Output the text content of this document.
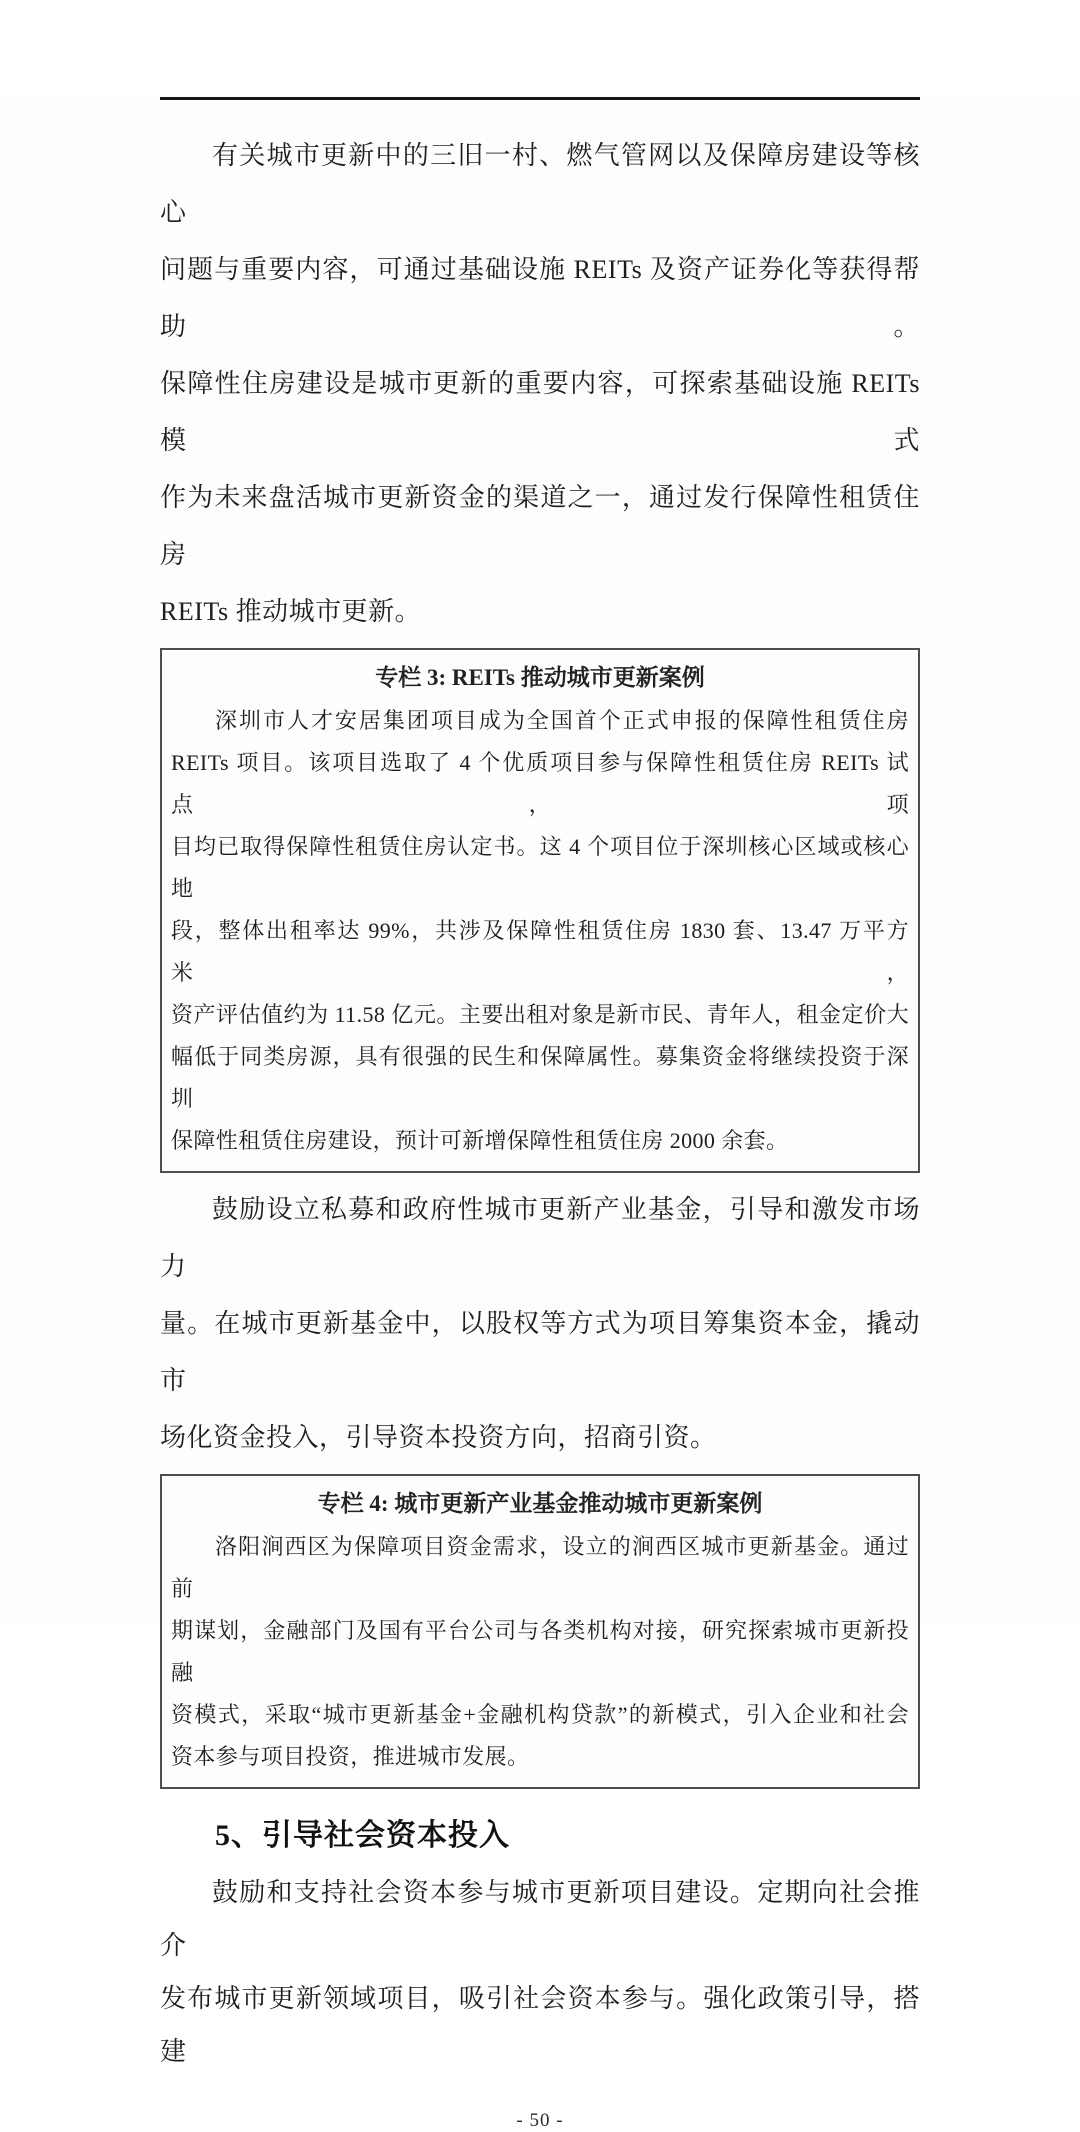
有关城市更新中的三旧一村、燃气管网以及保障房建设等核心
问题与重要内容，可通过基础设施 REITs 及资产证券化等获得帮助。
保障性住房建设是城市更新的重要内容，可探索基础设施 REITs 模式
作为未来盘活城市更新资金的渠道之一，通过发行保障性租赁住房
REITs 推动城市更新。
专栏 3: REITs 推动城市更新案例
深圳市人才安居集团项目成为全国首个正式申报的保障性租赁住房
REITs 项目。该项目选取了 4 个优质项目参与保障性租赁住房 REITs 试点，项
目均已取得保障性租赁住房认定书。这 4 个项目位于深圳核心区域或核心地
段，整体出租率达 99%，共涉及保障性租赁住房 1830 套、13.47 万平方米，
资产评估值约为 11.58 亿元。主要出租对象是新市民、青年人，租金定价大
幅低于同类房源，具有很强的民生和保障属性。募集资金将继续投资于深圳
保障性租赁住房建设，预计可新增保障性租赁住房 2000 余套。
鼓励设立私募和政府性城市更新产业基金，引导和激发市场力
量。在城市更新基金中，以股权等方式为项目筹集资本金，撬动市
场化资金投入，引导资本投资方向，招商引资。
专栏 4: 城市更新产业基金推动城市更新案例
洛阳涧西区为保障项目资金需求，设立的涧西区城市更新基金。通过前
期谋划，金融部门及国有平台公司与各类机构对接，研究探索城市更新投融
资模式，采取“城市更新基金+金融机构贷款”的新模式，引入企业和社会
资本参与项目投资，推进城市发展。
5、引导社会资本投入
鼓励和支持社会资本参与城市更新项目建设。定期向社会推介
发布城市更新领域项目，吸引社会资本参与。强化政策引导，搭建
- 50 -
